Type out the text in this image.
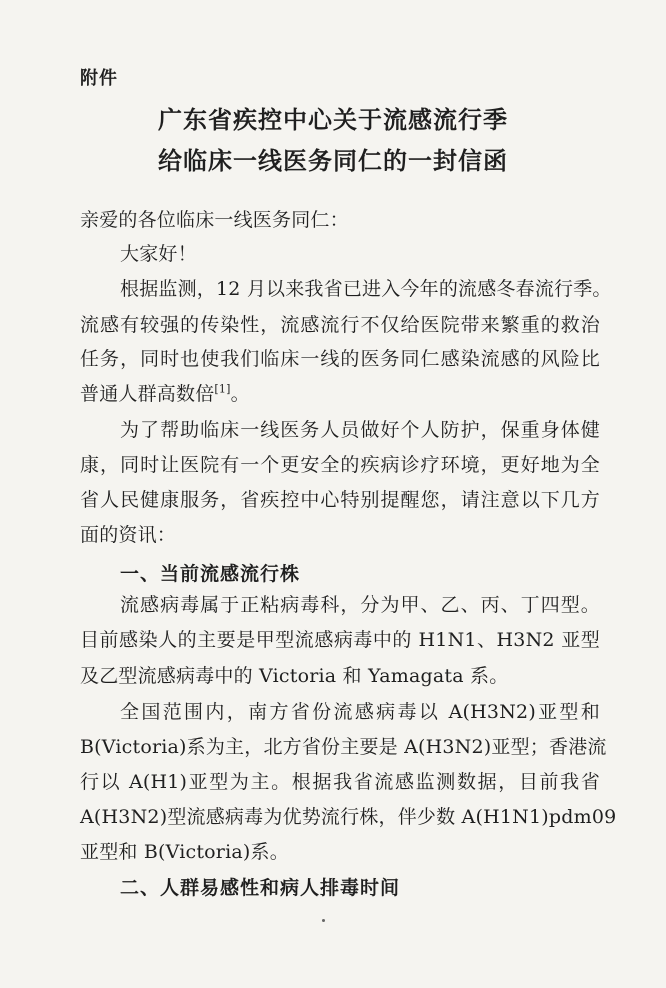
附件
广东省疾控中心关于流感流行季
给临床一线医务同仁的一封信函
亲爱的各位临床一线医务同仁：
大家好！
根据监测，12 月以来我省已进入今年的流感冬春流行季。
流感有较强的传染性，流感流行不仅给医院带来繁重的救治
任务，同时也使我们临床一线的医务同仁感染流感的风险比
普通人群高数倍[1]。
为了帮助临床一线医务人员做好个人防护，保重身体健
康，同时让医院有一个更安全的疾病诊疗环境，更好地为全
省人民健康服务，省疾控中心特别提醒您，请注意以下几方
面的资讯：
一、当前流感流行株
流感病毒属于正粘病毒科，分为甲、乙、丙、丁四型。
目前感染人的主要是甲型流感病毒中的 H1N1、H3N2 亚型
及乙型流感病毒中的 Victoria 和 Yamagata 系。
全国范围内，南方省份流感病毒以 A(H3N2)亚型和
B(Victoria)系为主，北方省份主要是 A(H3N2)亚型；香港流
行以 A(H1)亚型为主。根据我省流感监测数据，目前我省
A(H3N2)型流感病毒为优势流行株，伴少数 A(H1N1)pdm09
亚型和 B(Victoria)系。
二、人群易感性和病人排毒时间
